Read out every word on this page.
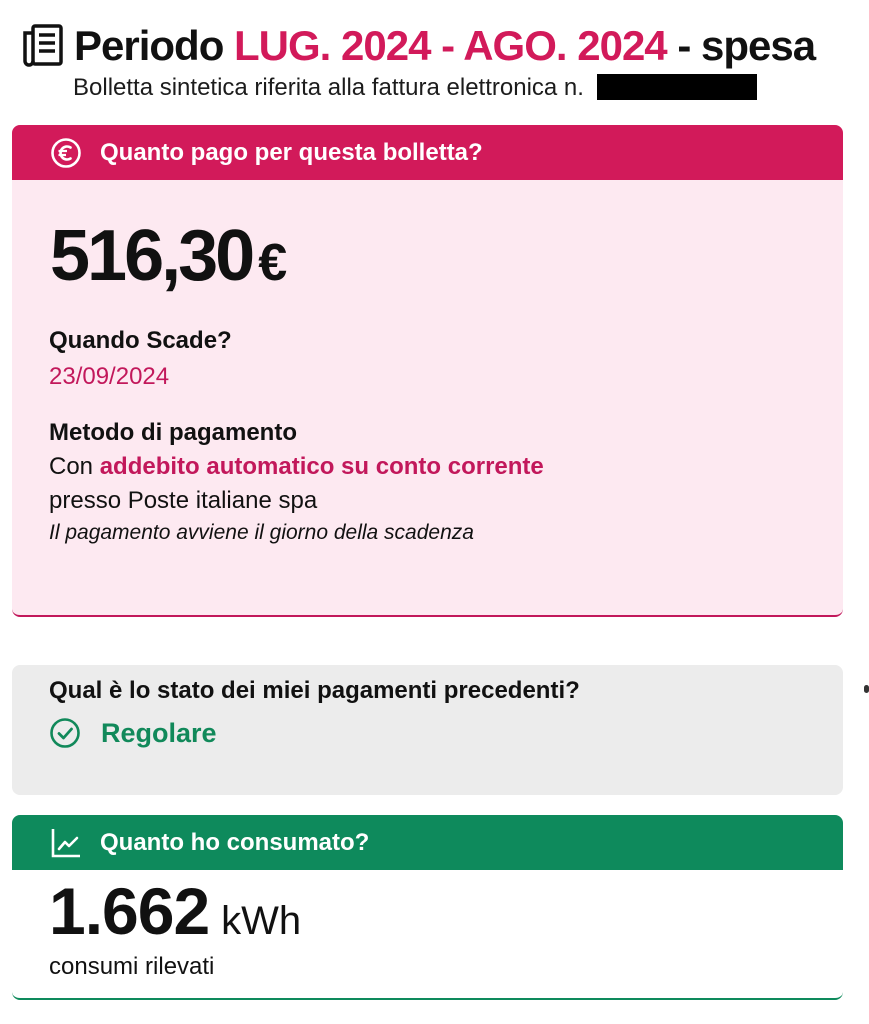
Periodo LUG. 2024 - AGO. 2024 - spesa
Bolletta sintetica riferita alla fattura elettronica n.
Quanto pago per questa bolletta?
516,30 €
Quando Scade?
23/09/2024
Metodo di pagamento
Con addebito automatico su conto corrente
presso Poste italiane spa
Il pagamento avviene il giorno della scadenza
Qual è lo stato dei miei pagamenti precedenti?
Regolare
Quanto ho consumato?
1.662 kWh
consumi rilevati
